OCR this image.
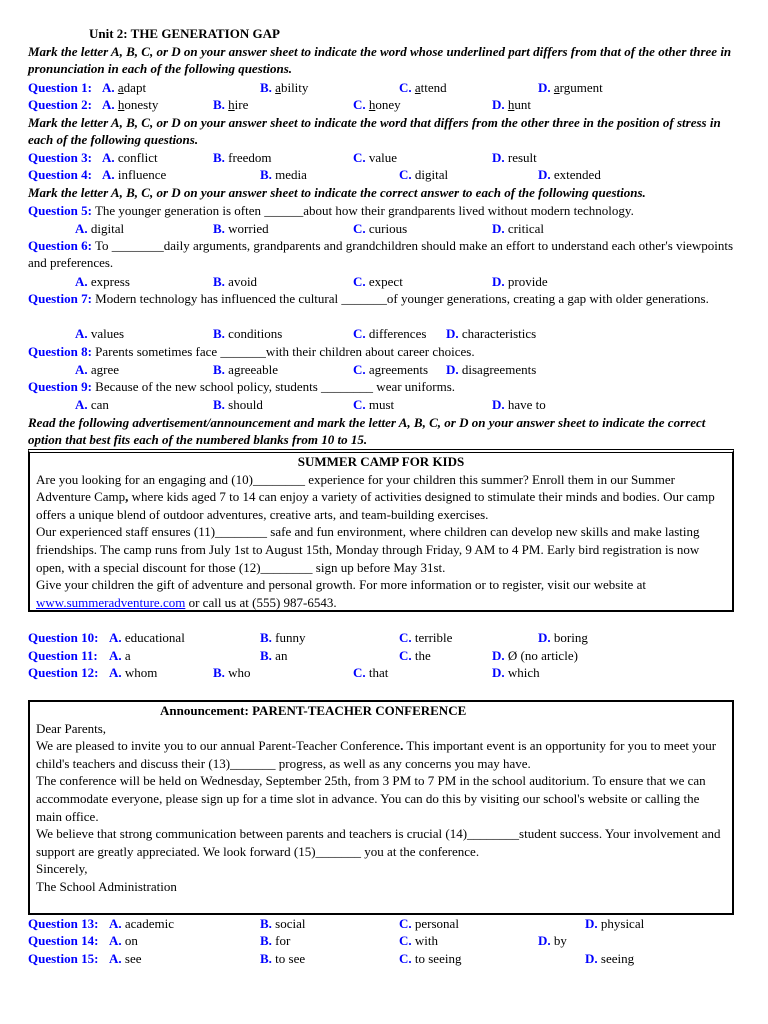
Unit 2: THE GENERATION GAP
Mark the letter A, B, C, or D on your answer sheet to indicate the word whose underlined part differs from that of the other three in pronunciation in each of the following questions.
Question 1: A. adapt	B. ability	C. attend	D. argument
Question 2: A. honesty	B. hire	C. honey	D. hunt
Mark the letter A, B, C, or D on your answer sheet to indicate the word that differs from the other three in the position of stress in each of the following questions.
Question 3: A. conflict	B. freedom	C. value	D. result
Question 4: A. influence	B. media	C. digital	D. extended
Mark the letter A, B, C, or D on your answer sheet to indicate the correct answer to each of the following questions.
Question 5: The younger generation is often ______about how their grandparents lived without modern technology.
A. digital	B. worried	C. curious	D. critical
Question 6: To ________daily arguments, grandparents and grandchildren should make an effort to understand each other's viewpoints and preferences.
A. express	B. avoid	C. expect	D. provide
Question 7: Modern technology has influenced the cultural _______of younger generations, creating a gap with older generations.
A. values	B. conditions	C. differences D. characteristics
Question 8: Parents sometimes face _______with their children about career choices.
A. agree	B. agreeable	C. agreements D. disagreements
Question 9: Because of the new school policy, students ________ wear uniforms.
A. can	B. should	C. must	D. have to
Read the following advertisement/announcement and mark the letter A, B, C, or D on your answer sheet to indicate the correct option that best fits each of the numbered blanks from 10 to 15.

SUMMER CAMP FOR KIDS

Are you looking for an engaging and (10)________ experience for your children this summer? Enroll them in our Summer Adventure Camp, where kids aged 7 to 14 can enjoy a variety of activities designed to stimulate their minds and bodies. Our camp offers a unique blend of outdoor adventures, creative arts, and team-building exercises.

Our experienced staff ensures (11)________ safe and fun environment, where children can develop new skills and make lasting friendships. The camp runs from July 1st to August 15th, Monday through Friday, 9 AM to 4 PM. Early bird registration is now open, with a special discount for those (12)________ sign up before May 31st.

Give your children the gift of adventure and personal growth. For more information or to register, visit our website at www.summeradventure.com or call us at (555) 987-6543.

Question 10: A. educational	B. funny	C. terrible	D. boring
Question 11: A. a	B. an	C. the	D. Ø (no article)
Question 12: A. whom	B. who	C. that	D. which

Announcement: PARENT-TEACHER CONFERENCE

Dear Parents,

We are pleased to invite you to our annual Parent-Teacher Conference. This important event is an opportunity for you to meet your child's teachers and discuss their (13)_______ progress, as well as any concerns you may have.

The conference will be held on Wednesday, September 25th, from 3 PM to 7 PM in the school auditorium. To ensure that we can accommodate everyone, please sign up for a time slot in advance. You can do this by visiting our school's website or calling the main office.

We believe that strong communication between parents and teachers is crucial (14)________student success. Your involvement and support are greatly appreciated. We look forward (15)_______ you at the conference.

Sincerely,

The School Administration

Question 13: A. academic	B. social	C. personal	D. physical
Question 14: A. on	B. for	C. with	D. by
Question 15: A. see	B. to see	C. to seeing	D. seeing
